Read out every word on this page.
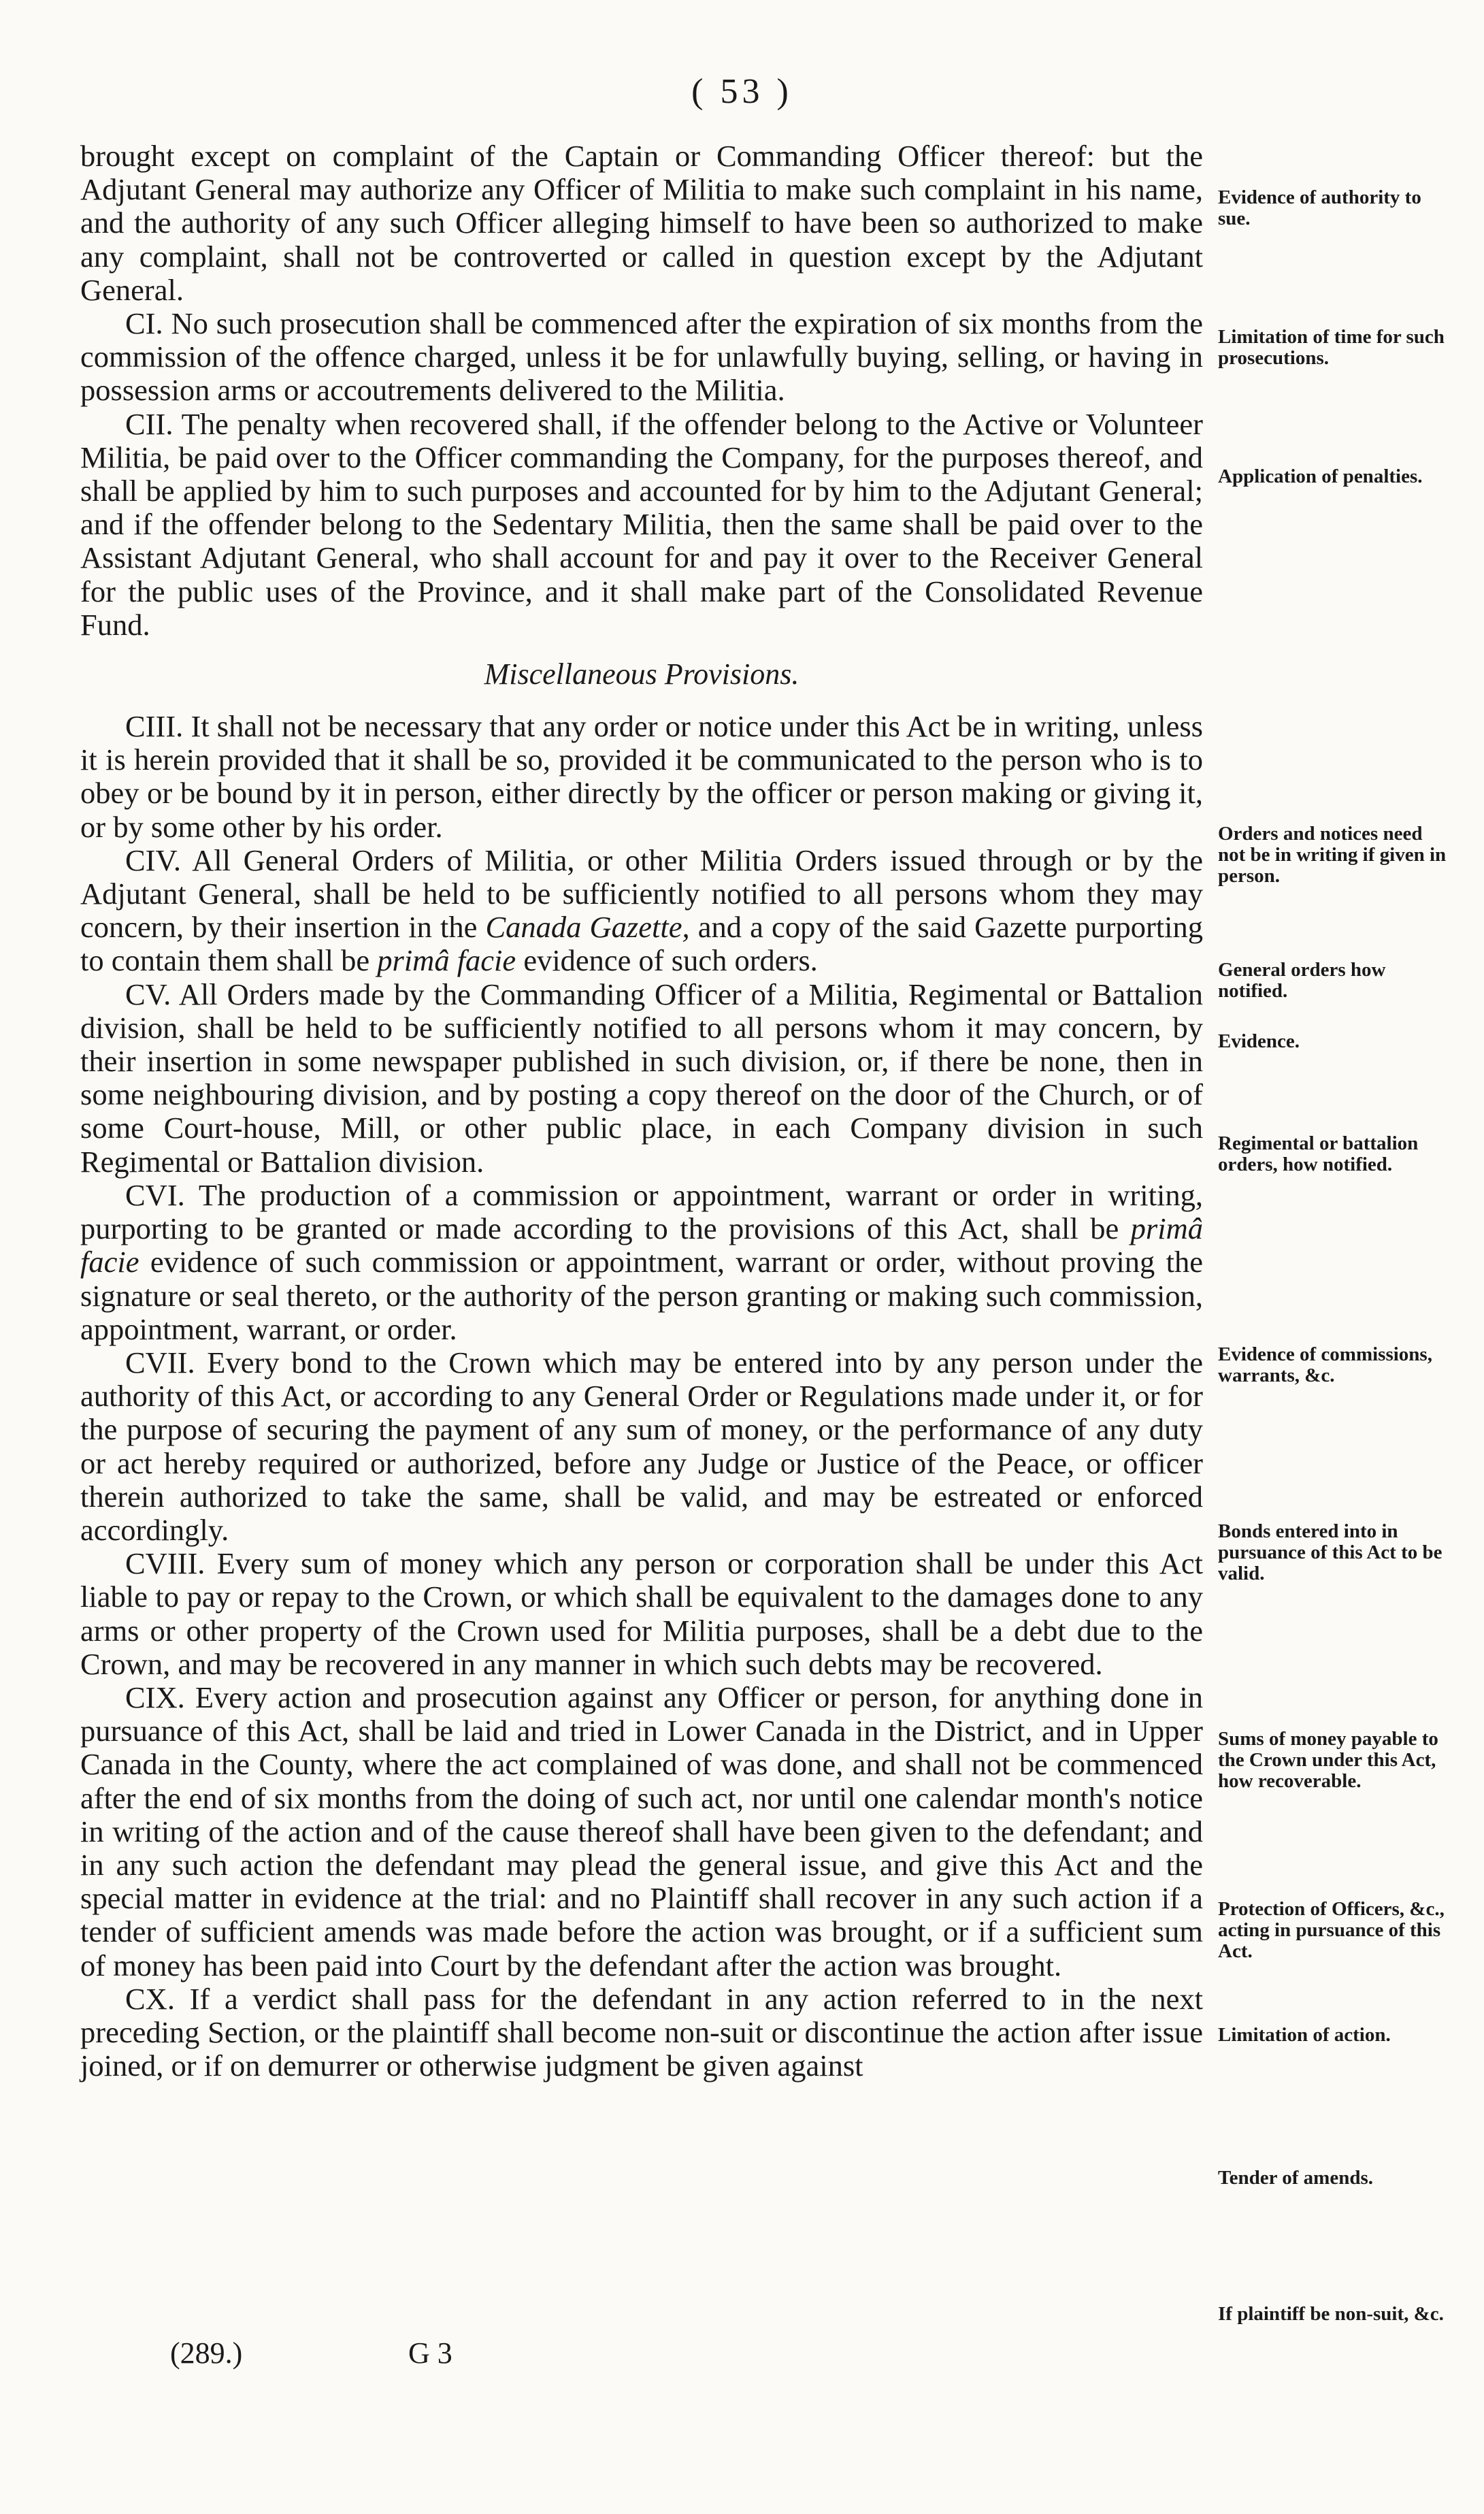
( 53 )

brought except on complaint of the Captain or Commanding Officer thereof: but the Adjutant General may authorize any Officer of Militia to make such complaint in his name, and the authority of any such Officer alleging himself to have been so authorized to make any complaint, shall not be controverted or called in question except by the Adjutant General.

CI. No such prosecution shall be commenced after the expiration of six months from the commission of the offence charged, unless it be for unlawfully buying, selling, or having in possession arms or accoutrements delivered to the Militia.

CII. The penalty when recovered shall, if the offender belong to the Active or Volunteer Militia, be paid over to the Officer commanding the Company, for the purposes thereof, and shall be applied by him to such purposes and accounted for by him to the Adjutant General; and if the offender belong to the Sedentary Militia, then the same shall be paid over to the Assistant Adjutant General, who shall account for and pay it over to the Receiver General for the public uses of the Province, and it shall make part of the Consolidated Revenue Fund.

Miscellaneous Provisions.

CIII. It shall not be necessary that any order or notice under this Act be in writing, unless it is herein provided that it shall be so, provided it be communicated to the person who is to obey or be bound by it in person, either directly by the officer or person making or giving it, or by some other by his order.

CIV. All General Orders of Militia, or other Militia Orders issued through or by the Adjutant General, shall be held to be sufficiently notified to all persons whom they may concern, by their insertion in the Canada Gazette, and a copy of the said Gazette purporting to contain them shall be primâ facie evidence of such orders.

CV. All Orders made by the Commanding Officer of a Militia, Regimental or Battalion division, shall be held to be sufficiently notified to all persons whom it may concern, by their insertion in some newspaper published in such division, or, if there be none, then in some neighbouring division, and by posting a copy thereof on the door of the Church, or of some Court-house, Mill, or other public place, in each Company division in such Regimental or Battalion division.

CVI. The production of a commission or appointment, warrant or order in writing, purporting to be granted or made according to the provisions of this Act, shall be primâ facie evidence of such commission or appointment, warrant or order, without proving the signature or seal thereto, or the authority of the person granting or making such commission, appointment, warrant, or order.

CVII. Every bond to the Crown which may be entered into by any person under the authority of this Act, or according to any General Order or Regulations made under it, or for the purpose of securing the payment of any sum of money, or the performance of any duty or act hereby required or authorized, before any Judge or Justice of the Peace, or officer therein authorized to take the same, shall be valid, and may be estreated or enforced accordingly.

CVIII. Every sum of money which any person or corporation shall be under this Act liable to pay or repay to the Crown, or which shall be equivalent to the damages done to any arms or other property of the Crown used for Militia purposes, shall be a debt due to the Crown, and may be recovered in any manner in which such debts may be recovered.

CIX. Every action and prosecution against any Officer or person, for anything done in pursuance of this Act, shall be laid and tried in Lower Canada in the District, and in Upper Canada in the County, where the act complained of was done, and shall not be commenced after the end of six months from the doing of such act, nor until one calendar month's notice in writing of the action and of the cause thereof shall have been given to the defendant; and in any such action the defendant may plead the general issue, and give this Act and the special matter in evidence at the trial: and no Plaintiff shall recover in any such action if a tender of sufficient amends was made before the action was brought, or if a sufficient sum of money has been paid into Court by the defendant after the action was brought.

CX. If a verdict shall pass for the defendant in any action referred to in the next preceding Section, or the plaintiff shall become non-suit or discontinue the action after issue joined, or if on demurrer or otherwise judgment be given against

Evidence of authority to sue.
Limitation of time for such prosecutions.
Application of penalties.
Orders and notices need not be in writing if given in person.
General orders how notified.
Evidence.
Regimental or battalion orders, how notified.
Evidence of commissions, warrants, &c.
Bonds entered into in pursuance of this Act to be valid.
Sums of money payable to the Crown under this Act, how recoverable.
Protection of Officers, &c., acting in pursuance of this Act.
Limitation of action.
Tender of amends.
If plaintiff be non-suit, &c.
(289.)	G 3
